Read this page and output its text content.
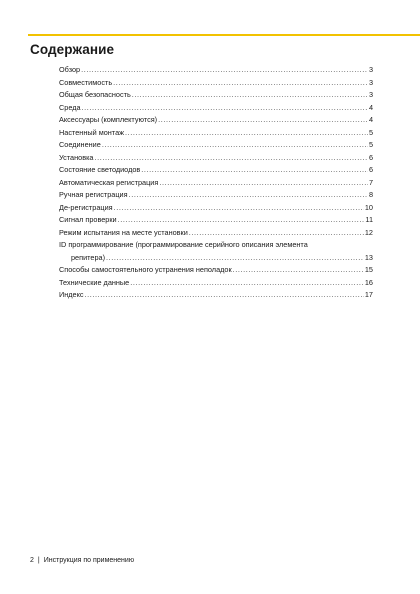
Содержание
Обзор .....	3
Совместимость .....	3
Общая безопасность .....	3
Среда .....	4
Аксессуары (комплектуются) .....	4
Настенный монтаж .....	5
Соединение .....	5
Установка .....	6
Состояние светодиодов .....	6
Автоматическая регистрация .....	7
Ручная регистрация .....	8
Де-регистрация .....	10
Сигнал проверки .....	11
Режим испытания на месте установки .....	12
ID программирование (программирование серийного описания элемента
репитера) .....	13
Способы самостоятельного устранения неполадок .....	15
Технические данные .....	16
Индекс .....	17
2 | Инструкция по применению
